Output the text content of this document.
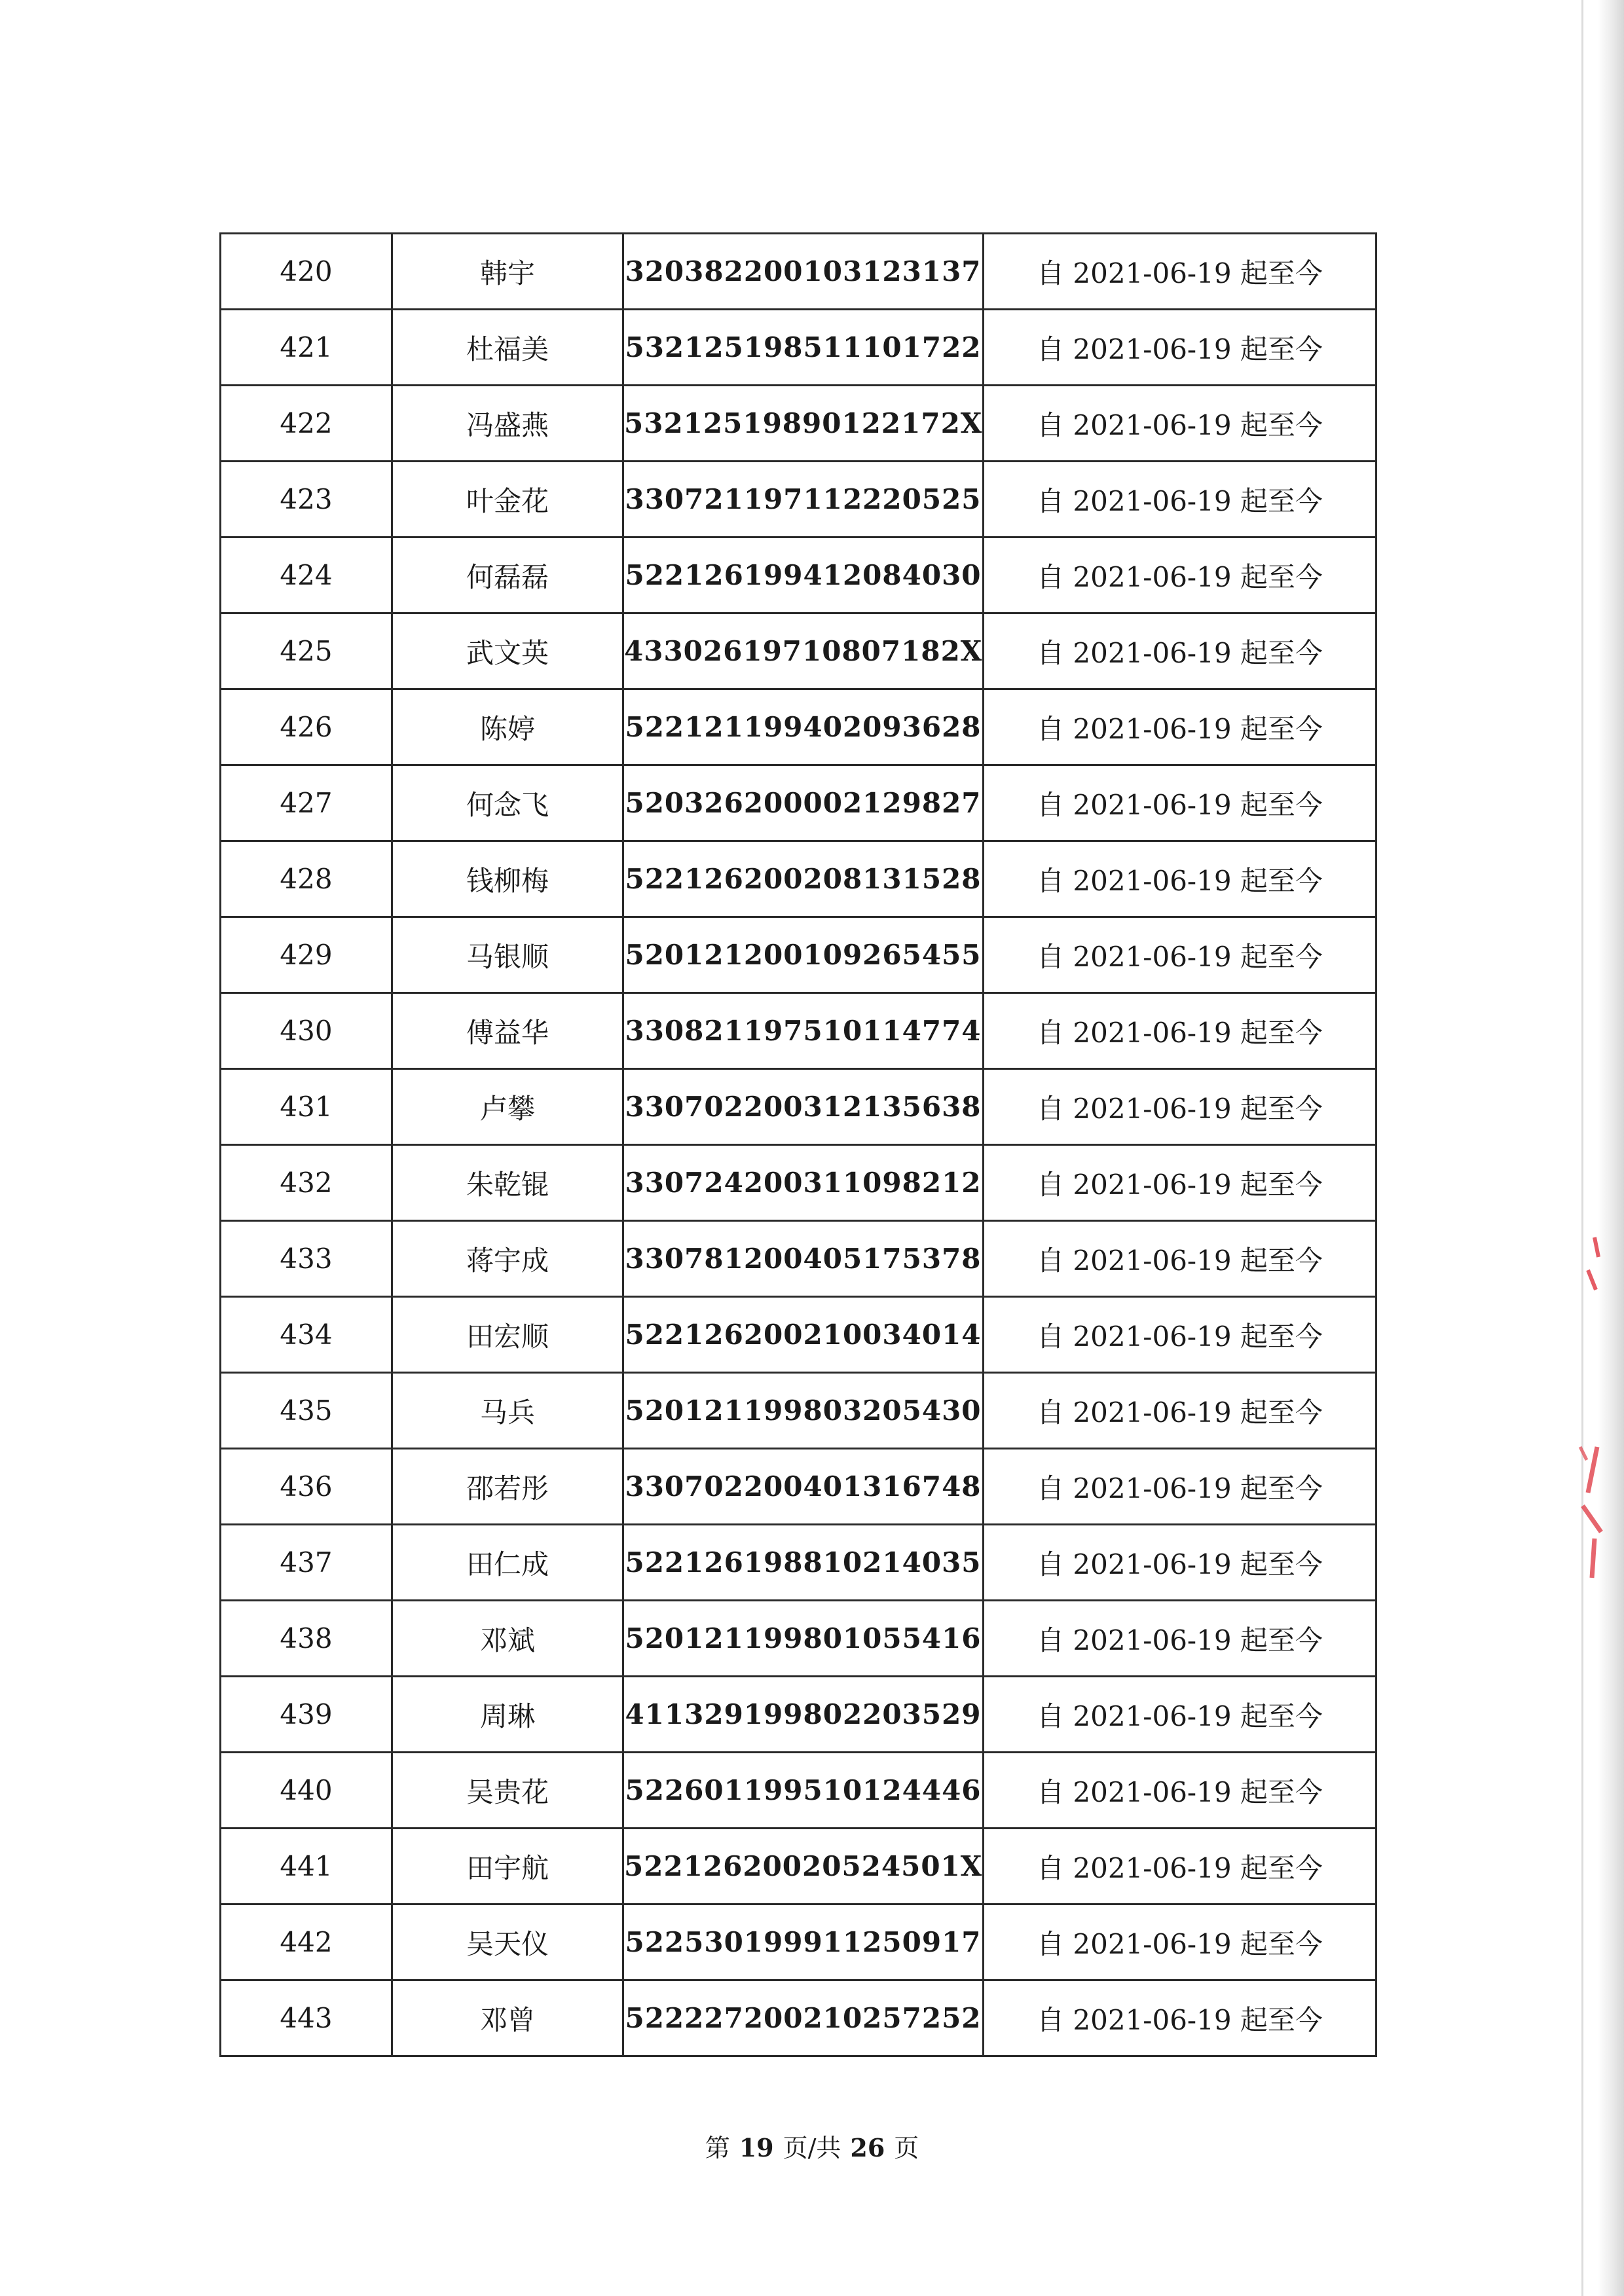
420	韩宇	320382200103123137	自 2021-06-19 起至今
421	杜福美	532125198511101722	自 2021-06-19 起至今
422	冯盛燕	53212519890122172X	自 2021-06-19 起至今
423	叶金花	330721197112220525	自 2021-06-19 起至今
424	何磊磊	522126199412084030	自 2021-06-19 起至今
425	武文英	43302619710807182X	自 2021-06-19 起至今
426	陈婷	522121199402093628	自 2021-06-19 起至今
427	何念飞	520326200002129827	自 2021-06-19 起至今
428	钱柳梅	522126200208131528	自 2021-06-19 起至今
429	马银顺	520121200109265455	自 2021-06-19 起至今
430	傅益华	330821197510114774	自 2021-06-19 起至今
431	卢攀	330702200312135638	自 2021-06-19 起至今
432	朱乾锟	330724200311098212	自 2021-06-19 起至今
433	蒋宇成	330781200405175378	自 2021-06-19 起至今
434	田宏顺	522126200210034014	自 2021-06-19 起至今
435	马兵	520121199803205430	自 2021-06-19 起至今
436	邵若彤	330702200401316748	自 2021-06-19 起至今
437	田仁成	522126198810214035	自 2021-06-19 起至今
438	邓斌	520121199801055416	自 2021-06-19 起至今
439	周琳	411329199802203529	自 2021-06-19 起至今
440	吴贵花	522601199510124446	自 2021-06-19 起至今
441	田宇航	52212620020524501X	自 2021-06-19 起至今
442	吴天仪	522530199911250917	自 2021-06-19 起至今
443	邓曾	522227200210257252	自 2021-06-19 起至今
第 19 页/共 26 页
